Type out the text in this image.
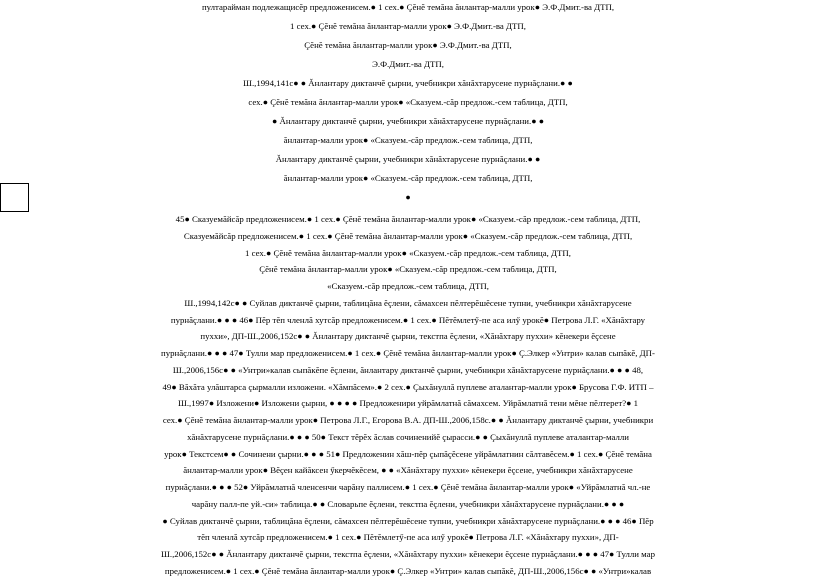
пултарайман подлежащисĕр предложенисем.● 1 сех.● Çĕнĕ темăна ăнлантар-малли урок● Э.Ф.Дмит.-ва ДТП,
1 сех.● Çĕнĕ темăна ăнлантар-малли урок● Э.Ф.Дмит.-ва ДТП,
Çĕнĕ темăна ăнлантар-малли урок● Э.Ф.Дмит.-ва ДТП,
Э.Ф.Дмит.-ва ДТП,
Ш.,1994,141с● ● Ăнлантару диктанчĕ çырни, учебникри хăнăхтарусене пурнăçлани.● ●
сех.● Çĕнĕ темăна ăнлантар-малли урок● «Сказуем.-сăр предлож.-сем таблица, ДТП,
● Ăнлантару диктанчĕ çырни, учебникри хăнăхтарусене пурнăçлани.● ●
ăнлантар-малли урок● «Сказуем.-сăр предлож.-сем таблица, ДТП,
Ăнлантару диктанчĕ çырни, учебникри хăнăхтарусене пурнăçлани.● ●
ăнлантар-малли урок● «Сказуем.-сăр предлож.-сем таблица, ДТП,
●
45● Сказуемăйсăр предложенисем.● 1 сех.● Çĕнĕ темăна ăнлантар-малли урок● «Сказуем.-сăр предлож.-сем таблица, ДТП,
Сказуемăйсăр предложенисем.● 1 сех.● Çĕнĕ темăна ăнлантар-малли урок● «Сказуем.-сăр предлож.-сем таблица, ДТП,
1 сех.● Çĕнĕ темăна ăнлантар-малли урок● «Сказуем.-сăр предлож.-сем таблица, ДТП,
Çĕнĕ темăна ăнлантар-малли урок● «Сказуем.-сăр предлож.-сем таблица, ДТП,
«Сказуем.-сăр предлож.-сем таблица, ДТП,
Ш.,1994,142с● ● Суйлав диктанчĕ çырни, таблицăна ĕçлени, сăмахсен пĕлтерĕшĕсене тупни, учебникри хăнăхтарусене
пурнăçлани.● ● ● 46● Пĕр тĕп членлă хутсăр предложенисем.● 1 сех.● Пĕтĕмлетӳ-пе аса илӳ урокĕ● Петрова Л.Г. «Хăнăхтару
пуххи», ДП-Ш.,2006,152с● ● Ăнлантару диктанчĕ çырни, текстпа ĕçлени, «Хăнăхтару пуххи» кĕнекери ĕçсене
пурнăçлани.● ● ● 47● Тулли мар предложенисем.● 1 сех.● Çĕнĕ темăна ăнлантар-малли урок● Ç.Элкер «Унтри» калав сыпăкĕ, ДП-
Ш.,2006,156с● ● «Унтри»калав сыпăкĕпе ĕçлени, ăнлантару диктанчĕ çырни, учебникри хăнăхтарусене пурнăçлани.● ● ● 48,
49● Вăхăта улăштарса çырмалли изложени. «Хăмпăсем».● 2 сех.● Çыхăнуллă пуплеве аталантар-малли урок● Брусова Г.Ф. ИТП –
Ш.,1997● Изложени● Изложени çырни, ● ● ● ● Предложенири уйрăмлатнă сăмахсем. Уйрăмлатнă тени мĕне пĕлтерет?● 1
сех.● Çĕнĕ темăна ăнлантар-малли урок● Петрова Л.Г., Егорова В.А. ДП-Ш.,2006,158с.● ● Ăнлантару диктанчĕ çырни, учебникри
хăнăхтарусене пурнăçлани.● ● ● 50● Текст тĕрĕх ăслав сочиненийĕ çырасси.● ● Çыхăнуллă пуплеве аталантар-малли
урок● Текстсем● ● Сочинени çырни.● ● ● 51● Предложенин хăш-пĕр çыпăçĕсене уйрăмлатнин сăлтавĕсем.● 1 сех.● Çĕнĕ темăна
ăнлантар-малли урок● Вĕçен кайăксен ӳкерчĕкĕсем, ● ● «Хăнăхтару пуххи» кĕнекери ĕçсене, учебникри хăнăхтарусене
пурнăçлани.● ● ● 52● Уйрăмлатнă членсенчи чарăну паллисем.● 1 сех.● Çĕнĕ темăна ăнлантар-малли урок● «Уйрăмлатнă чл.-не
чарăну палл-пе уй.-си» таблица.● ● Словарьпе ĕçлени, текстпа ĕçлени, учебникри хăнăхтарусене пурнăçлани.● ● ●
● Суйлав диктанчĕ çырни, таблицăна ĕçлени, сăмахсен пĕлтерĕшĕсене тупни, учебникри хăнăхтарусене пурнăçлани.● ● ● 46● Пĕр
тĕп членлă хутсăр предложенисем.● 1 сех.● Пĕтĕмлетӳ-пе аса илӳ урокĕ● Петрова Л.Г. «Хăнăхтару пуххи», ДП-
Ш.,2006,152с● ● Ăнлантару диктанчĕ çырни, текстпа ĕçлени, «Хăнăхтару пуххи» кĕнекери ĕçсене пурнăçлани.● ● ● 47● Тулли мар
предложенисем.● 1 сех.● Çĕнĕ темăна ăнлантар-малли урок● Ç.Элкер «Унтри» калав сыпăкĕ, ДП-Ш.,2006,156с● ● «Унтри»калав
